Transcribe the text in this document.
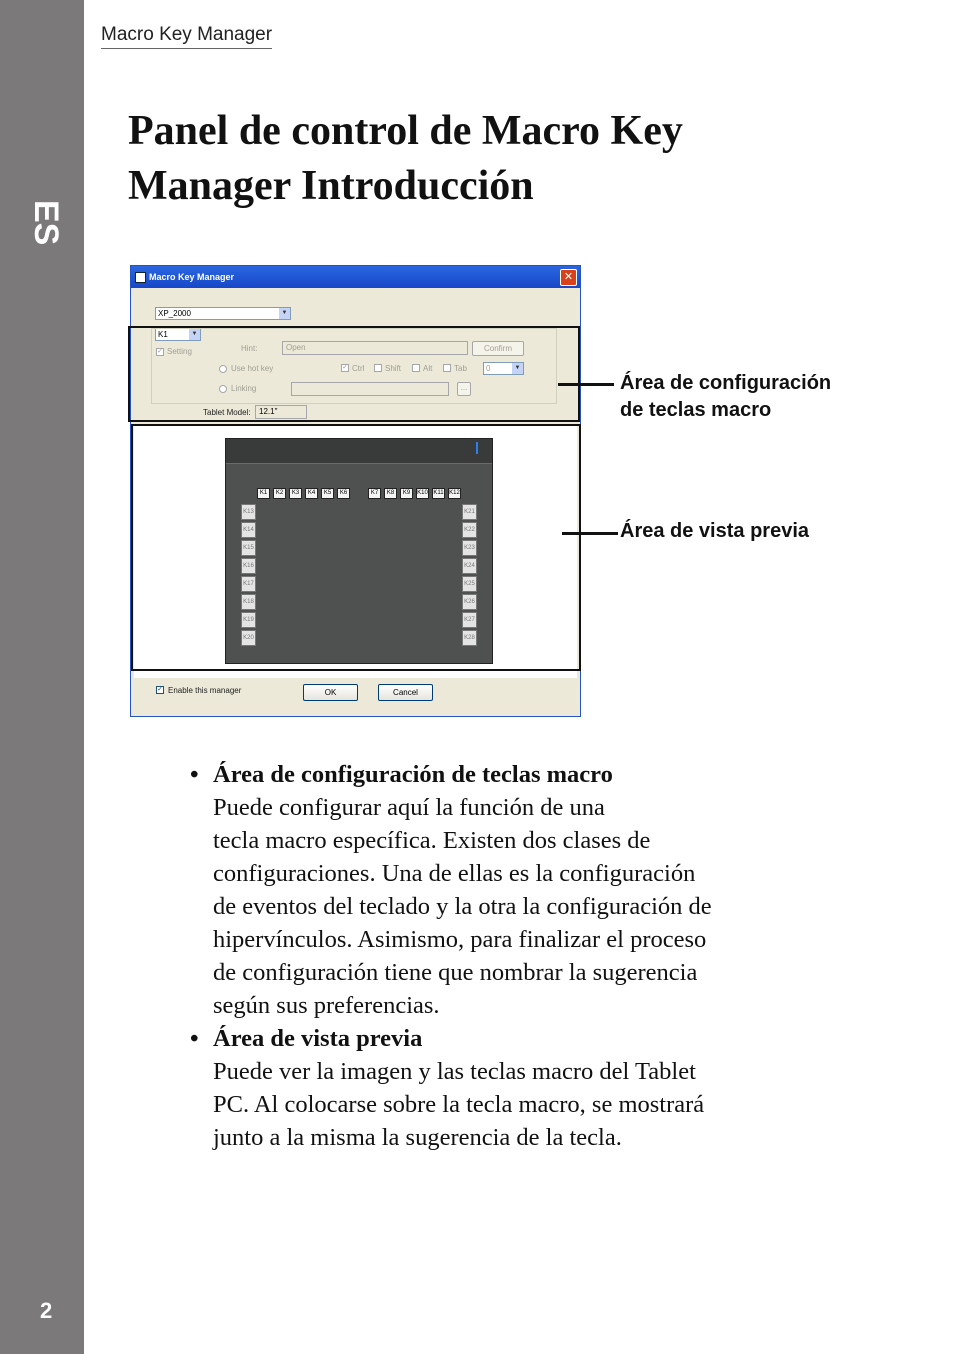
ES
2
Macro Key Manager
Panel de control de Macro Key
Manager Introducción
Macro Key Manager	✕
XP_2000	▼
K1	▼
✓ Setting	Hint:	Open	Confirm
Use hot key	✓ Ctrl	Shift	Alt	Tab	0	▼
Linking	...
Tablet Model:	12.1"
K1	K2	K3	K4	K5	K6	K7	K8	K9	K10 K11 K12
K13
K14
K15
K16
K17
K18
K19
K20
K21
K22
K23
K24
K25
K26
K27
K28
✓ Enable this manager	OK	Cancel
Área de configuración
de teclas macro
Área de vista previa
• Área de configuración de teclas macro
Puede configurar aquí la función de una
tecla macro específica. Existen dos clases de
configuraciones. Una de ellas es la configuración
de eventos del teclado y la otra la configuración de
hipervínculos. Asimismo, para finalizar el proceso
de configuración tiene que nombrar la sugerencia
según sus preferencias.
• Área de vista previa
Puede ver la imagen y las teclas macro del Tablet
PC. Al colocarse sobre la tecla macro, se mostrará
junto a la misma la sugerencia de la tecla.
